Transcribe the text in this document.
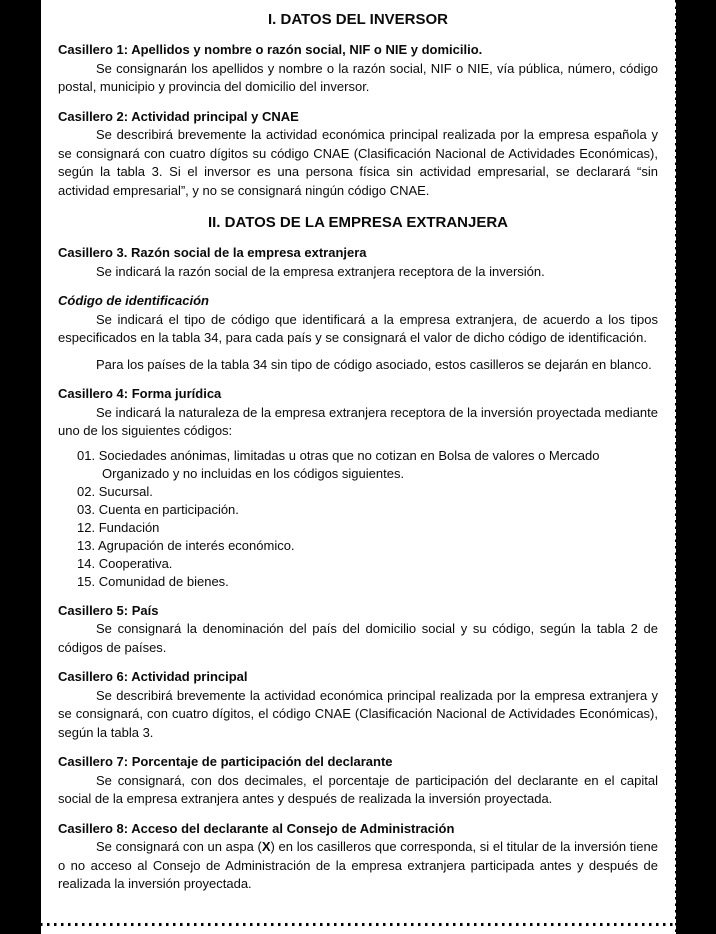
I. DATOS DEL INVERSOR
Casillero 1: Apellidos y nombre o razón social, NIF o NIE y domicilio.

Se consignarán los apellidos y nombre o la razón social, NIF o NIE, vía pública, número, código postal, municipio y provincia del domicilio del inversor.

Casillero 2: Actividad principal y CNAE

Se describirá brevemente la actividad económica principal realizada por la empresa española y se consignará con cuatro dígitos su código CNAE (Clasificación Nacional de Actividades Económicas), según la tabla 3. Si el inversor es una persona física sin actividad empresarial, se declarará “sin actividad empresarial”, y no se consignará ningún código CNAE.

II. DATOS DE LA EMPRESA EXTRANJERA
Casillero 3. Razón social de la empresa extranjera

Se indicará la razón social de la empresa extranjera receptora de la inversión.

Código de identificación

Se indicará el tipo de código que identificará a la empresa extranjera, de acuerdo a los tipos especificados en la tabla 34, para cada país y se consignará el valor de dicho código de identificación.

Para los países de la tabla 34 sin tipo de código asociado, estos casilleros se dejarán en blanco.

Casillero 4: Forma jurídica

Se indicará la naturaleza de la empresa extranjera receptora de la inversión proyectada mediante uno de los siguientes códigos:

01. Sociedades anónimas, limitadas u otras que no cotizan en Bolsa de valores o Mercado Organizado y no incluidas en los códigos siguientes.
02. Sucursal.
03. Cuenta en participación.
12. Fundación
13. Agrupación de interés económico.
14. Cooperativa.
15. Comunidad de bienes.
Casillero 5: País

Se consignará la denominación del país del domicilio social y su código, según la tabla 2 de códigos de países.

Casillero 6: Actividad principal

Se describirá brevemente la actividad económica principal realizada por la empresa extranjera y se consignará, con cuatro dígitos, el código CNAE (Clasificación Nacional de Actividades Económicas), según la tabla 3.

Casillero 7: Porcentaje de participación del declarante

Se consignará, con dos decimales, el porcentaje de participación del declarante en el capital social de la empresa extranjera antes y después de realizada la inversión proyectada.

Casillero 8: Acceso del declarante al Consejo de Administración

Se consignará con un aspa (X) en los casilleros que corresponda, si el titular de la inversión tiene o no acceso al Consejo de Administración de la empresa extranjera participada antes y después de realizada la inversión proyectada.
